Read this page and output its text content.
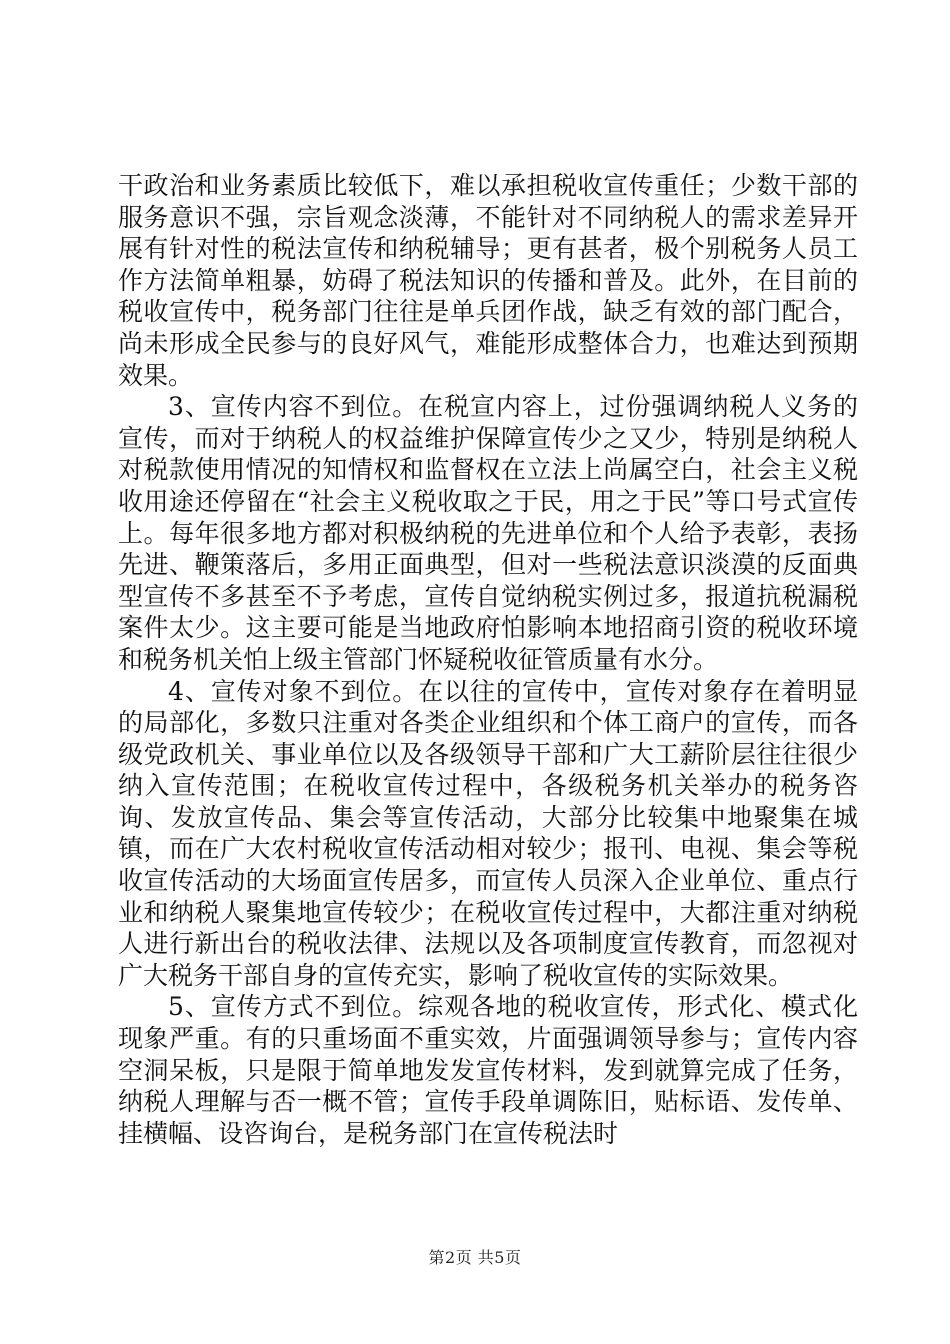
干政治和业务素质比较低下，难以承担税收宣传重任；少数干部的服务意识不强，宗旨观念淡薄，不能针对不同纳税人的需求差异开展有针对性的税法宣传和纳税辅导；更有甚者，极个别税务人员工作方法简单粗暴，妨碍了税法知识的传播和普及。此外，在目前的税收宣传中，税务部门往往是单兵团作战，缺乏有效的部门配合，尚未形成全民参与的良好风气，难能形成整体合力，也难达到预期效果。

3、宣传内容不到位。在税宣内容上，过份强调纳税人义务的宣传，而对于纳税人的权益维护保障宣传少之又少，特别是纳税人对税款使用情况的知情权和监督权在立法上尚属空白，社会主义税收用途还停留在“社会主义税收取之于民，用之于民”等口号式宣传上。每年很多地方都对积极纳税的先进单位和个人给予表彰，表扬先进、鞭策落后，多用正面典型，但对一些税法意识淡漠的反面典型宣传不多甚至不予考虑，宣传自觉纳税实例过多，报道抗税漏税案件太少。这主要可能是当地政府怕影响本地招商引资的税收环境和税务机关怕上级主管部门怀疑税收征管质量有水分。

4、宣传对象不到位。在以往的宣传中，宣传对象存在着明显的局部化，多数只注重对各类企业组织和个体工商户的宣传，而各级党政机关、事业单位以及各级领导干部和广大工薪阶层往往很少纳入宣传范围；在税收宣传过程中，各级税务机关举办的税务咨询、发放宣传品、集会等宣传活动，大部分比较集中地聚集在城镇，而在广大农村税收宣传活动相对较少；报刊、电视、集会等税收宣传活动的大场面宣传居多，而宣传人员深入企业单位、重点行业和纳税人聚集地宣传较少；在税收宣传过程中，大都注重对纳税人进行新出台的税收法律、法规以及各项制度宣传教育，而忽视对广大税务干部自身的宣传充实，影响了税收宣传的实际效果。

5、宣传方式不到位。综观各地的税收宣传，形式化、模式化现象严重。有的只重场面不重实效，片面强调领导参与；宣传内容空洞呆板，只是限于简单地发发宣传材料，发到就算完成了任务，纳税人理解与否一概不管；宣传手段单调陈旧，贴标语、发传单、挂横幅、设咨询台，是税务部门在宣传税法时

第2页 共5页
